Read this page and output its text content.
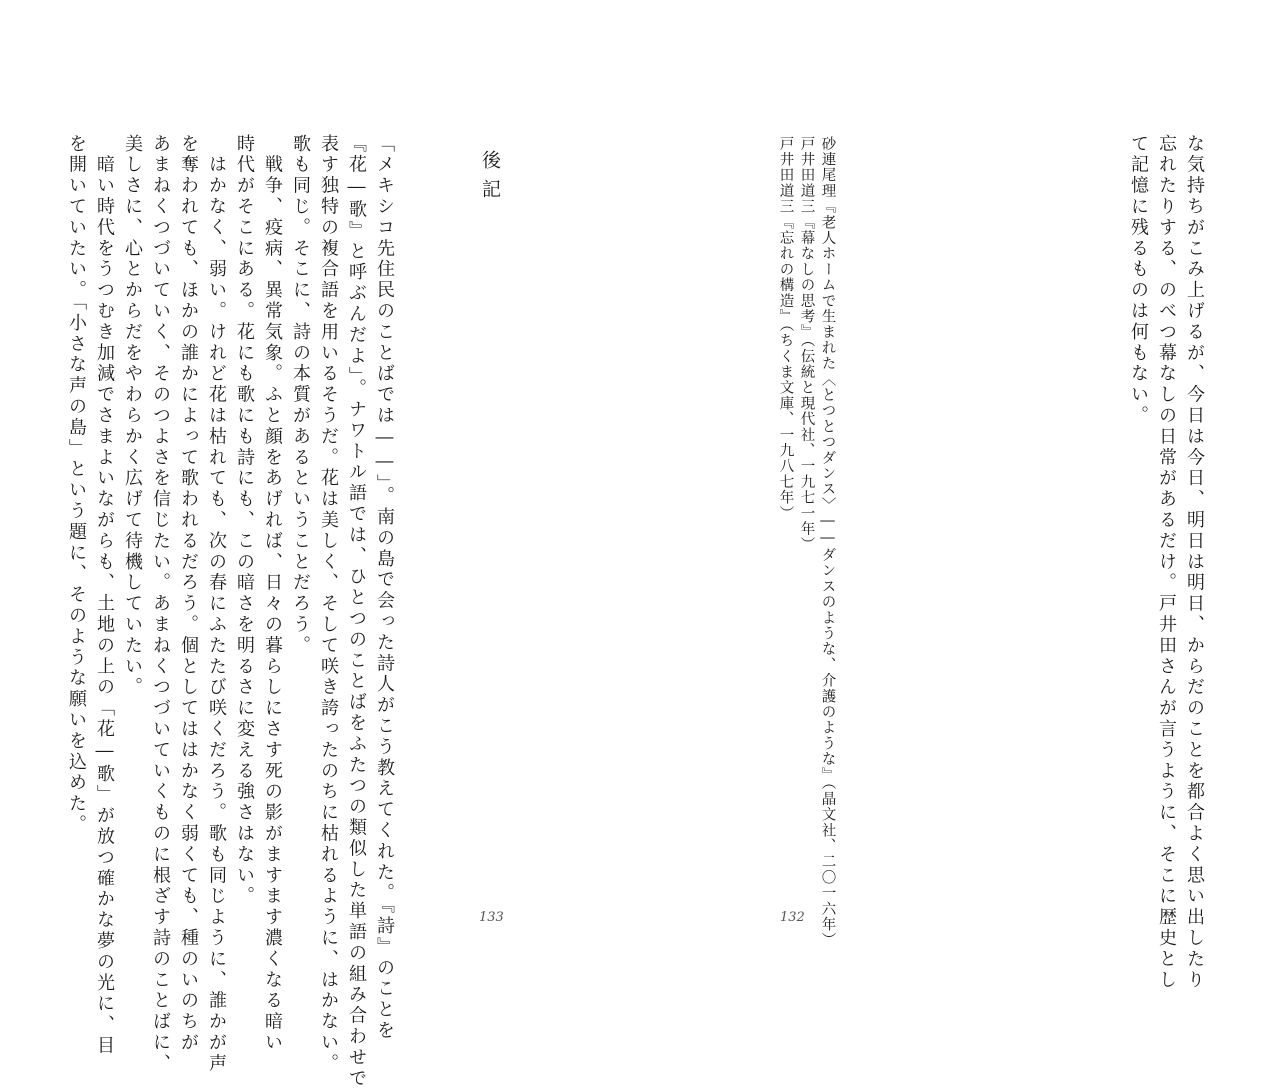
な気持ちがこみ上げるが、今日は今日、明日は明日、からだのことを都合よく思い出したり

忘れたりする、のべつ幕なしの日常があるだけ。戸井田さんが言うように、そこに歴史とし

て記憶に残るものは何もない。

砂連尾理『老人ホームで生まれた〈とつとつダンス〉――ダンスのような、介護のような』（晶文社、二〇一六年）

戸井田道三『幕なしの思考』（伝統と現代社、一九七一年）

戸井田道三『忘れの構造』（ちくま文庫、一九八七年）

132
後記

「メキシコ先住民のことばでは――」。南の島で会った詩人がこう教えてくれた。『詩』のことを

『花―歌』と呼ぶんだよ」。ナワトル語では、ひとつのことばをふたつの類似した単語の組み合わせで

表す独特の複合語を用いるそうだ。花は美しく、そして咲き誇ったのちに枯れるように、はかない。

歌も同じ。そこに、詩の本質があるということだろう。

　戦争、疫病、異常気象。ふと顔をあげれば、日々の暮らしにさす死の影がますます濃くなる暗い

時代がそこにある。花にも歌にも詩にも、この暗さを明るさに変える強さはない。

　はかなく、弱い。けれど花は枯れても、次の春にふたたび咲くだろう。歌も同じように、誰かが声

を奪われても、ほかの誰かによって歌われるだろう。個としてははかなく弱くても、種のいのちが

あまねくつづいていく、そのつよさを信じたい。あまねくつづいていくものに根ざす詩のことばに、

美しさに、心とからだをやわらかく広げて待機していたい。

　暗い時代をうつむき加減でさまよいながらも、土地の上の「花―歌」が放つ確かな夢の光に、目

を開いていたい。「小さな声の島」という題に、そのような願いを込めた。

133
